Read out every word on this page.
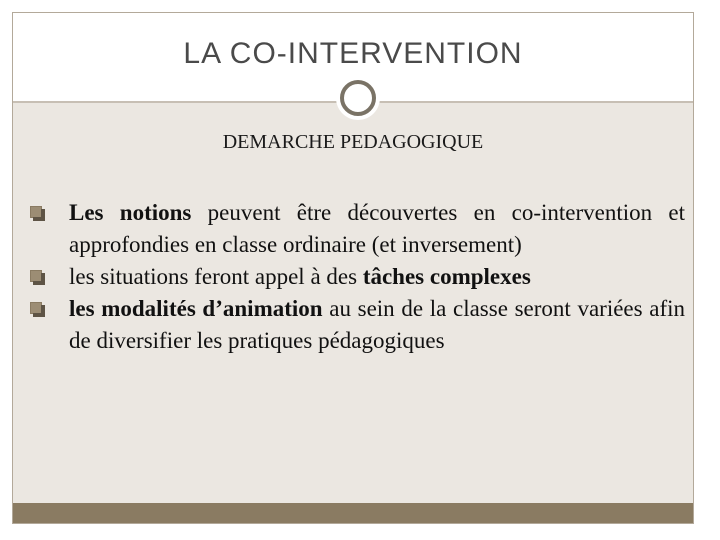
LA CO-INTERVENTION
DEMARCHE PEDAGOGIQUE
Les notions peuvent être découvertes en co-intervention et approfondies en classe ordinaire (et inversement)
les situations feront appel à des tâches complexes
les modalités d’animation au sein de la classe seront variées afin de diversifier les pratiques pédagogiques
